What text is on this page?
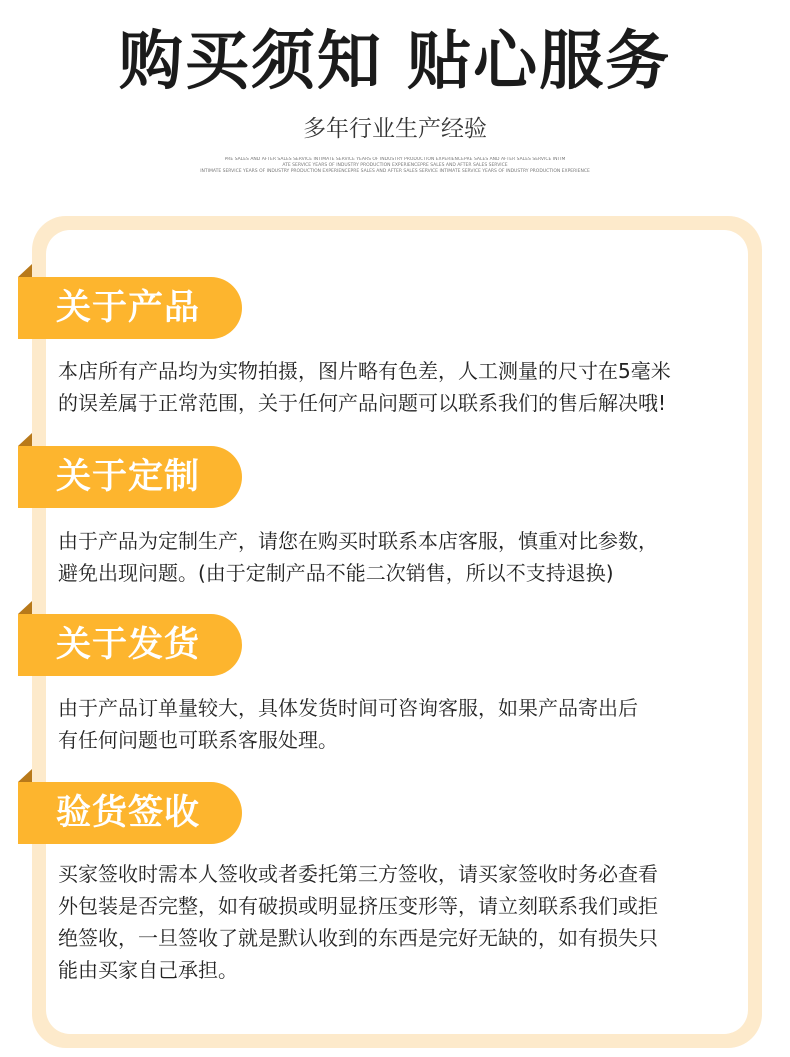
购买须知 贴心服务
多年行业生产经验
PRE SALES AND AFTER SALES SERVICE INTIMATE SERVICE YEARS OF INDUSTRY PRODUCTION EXPERIENCEPRE SALES AND AFTER SALES SERVICE INTIM
ATE SERVICE YEARS OF INDUSTRY PRODUCTION EXPERIENCEPRE SALES AND AFTER SALES SERVICE
INTIMATE SERVICE YEARS OF INDUSTRY PRODUCTION EXPERIENCEPRE SALES AND AFTER SALES SERVICE INTIMATE SERVICE YEARS OF INDUSTRY PRODUCTION EXPERIENCE
关于产品
本店所有产品均为实物拍摄，图片略有色差，人工测量的尺寸在5毫米
的误差属于正常范围，关于任何产品问题可以联系我们的售后解决哦!
关于定制
由于产品为定制生产，请您在购买时联系本店客服，慎重对比参数，
避免出现问题。(由于定制产品不能二次销售，所以不支持退换)
关于发货
由于产品订单量较大，具体发货时间可咨询客服，如果产品寄出后
有任何问题也可联系客服处理。
验货签收
买家签收时需本人签收或者委托第三方签收，请买家签收时务必查看
外包装是否完整，如有破损或明显挤压变形等，请立刻联系我们或拒
绝签收，一旦签收了就是默认收到的东西是完好无缺的，如有损失只
能由买家自己承担。
